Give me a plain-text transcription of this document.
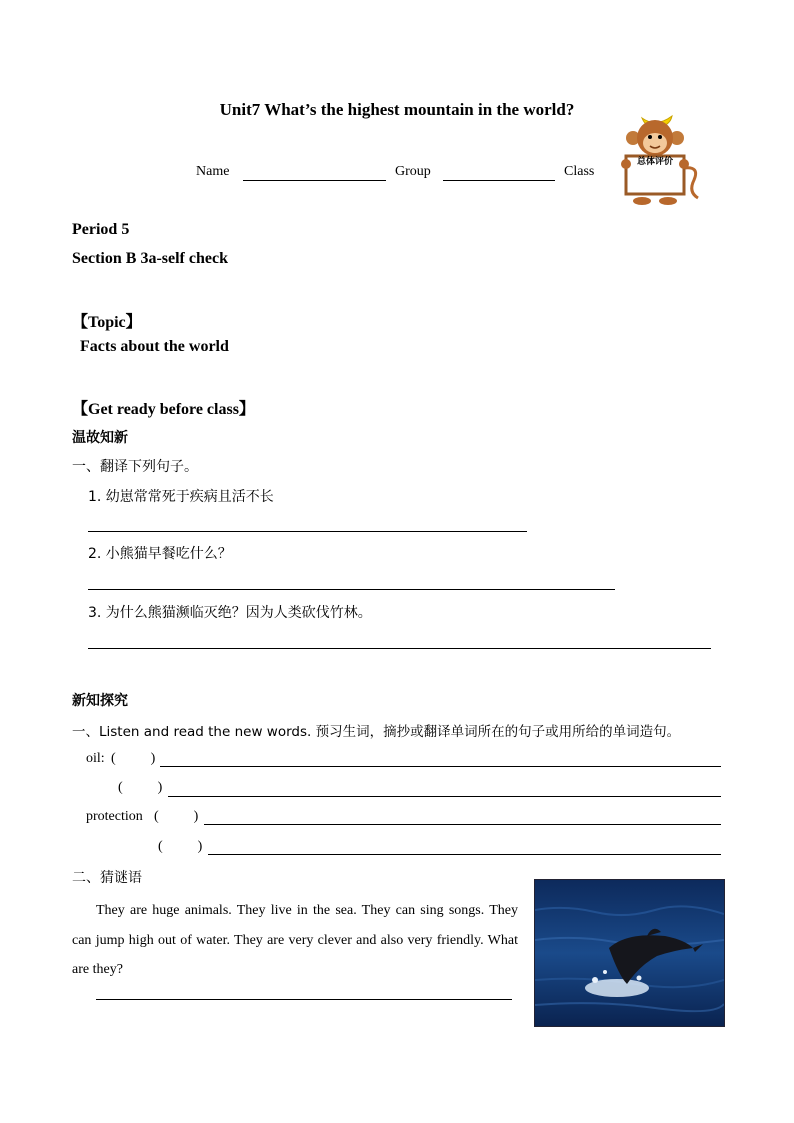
Unit7 What’s the highest mountain in the world?
Name	Group	Class
总体评价
Period 5
Section B 3a-self check
【Topic】
Facts about the world
【Get ready before class】
温故知新
一、翻译下列句子。
1. 幼崽常常死于疾病且活不长
2. 小熊猫早餐吃什么？
3. 为什么熊猫濒临灭绝？因为人类砍伐竹林。
新知探究
一、Listen and read the new words. 预习生词，摘抄或翻译单词所在的句子或用所给的单词造句。
oil: (          )
(          )
protection (          )
(          )
二、猜谜语
They are huge animals. They live in the sea. They can sing songs. They can jump high out of water. They are very clever and also very friendly. What are they?
